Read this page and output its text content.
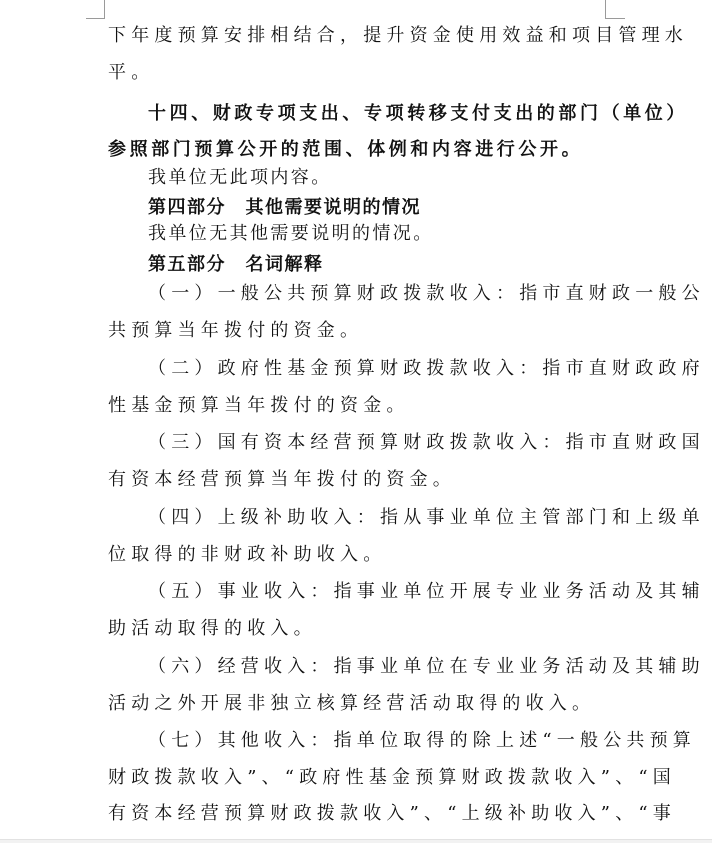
下年度预算安排相结合，提升资金使用效益和项目管理水
平。
十四、财政专项支出、专项转移支付支出的部门（单位）
参照部门预算公开的范围、体例和内容进行公开。
我单位无此项内容。
第四部分　其他需要说明的情况
我单位无其他需要说明的情况。
第五部分　名词解释
（一）一般公共预算财政拨款收入：指市直财政一般公
共预算当年拨付的资金。
（二）政府性基金预算财政拨款收入：指市直财政政府
性基金预算当年拨付的资金。
（三）国有资本经营预算财政拨款收入：指市直财政国
有资本经营预算当年拨付的资金。
（四）上级补助收入：指从事业单位主管部门和上级单
位取得的非财政补助收入。
（五）事业收入：指事业单位开展专业业务活动及其辅
助活动取得的收入。
（六）经营收入：指事业单位在专业业务活动及其辅助
活动之外开展非独立核算经营活动取得的收入。
（七）其他收入：指单位取得的除上述“一般公共预算
财政拨款收入”、“政府性基金预算财政拨款收入”、“国
有资本经营预算财政拨款收入”、“上级补助收入”、“事
